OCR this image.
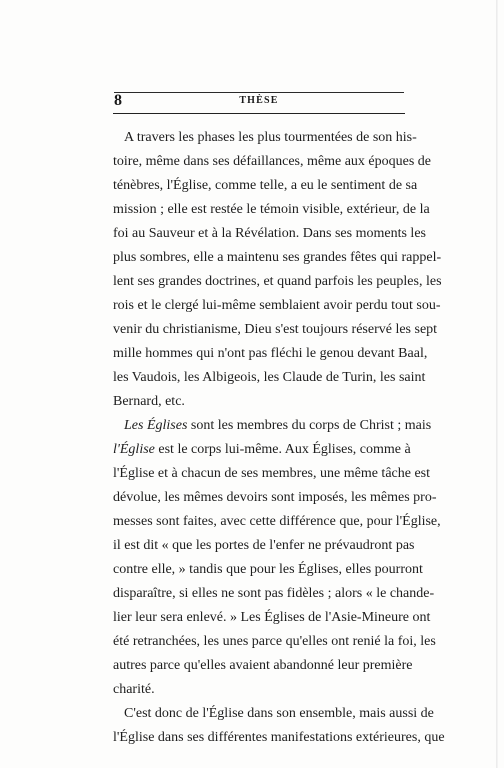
8	THÈSE
A travers les phases les plus tourmentées de son his-
toire, même dans ses défaillances, même aux époques de
ténèbres, l'Église, comme telle, a eu le sentiment de sa
mission ; elle est restée le témoin visible, extérieur, de la
foi au Sauveur et à la Révélation. Dans ses moments les
plus sombres, elle a maintenu ses grandes fêtes qui rappel-
lent ses grandes doctrines, et quand parfois les peuples, les
rois et le clergé lui-même semblaient avoir perdu tout sou-
venir du christianisme, Dieu s'est toujours réservé les sept
mille hommes qui n'ont pas fléchi le genou devant Baal,
les Vaudois, les Albigeois, les Claude de Turin, les saint
Bernard, etc.
Les Églises sont les membres du corps de Christ ; mais
l'Église est le corps lui-même. Aux Églises, comme à
l'Église et à chacun de ses membres, une même tâche est
dévolue, les mêmes devoirs sont imposés, les mêmes pro-
messes sont faites, avec cette différence que, pour l'Église,
il est dit « que les portes de l'enfer ne prévaudront pas
contre elle, » tandis que pour les Églises, elles pourront
disparaître, si elles ne sont pas fidèles ; alors « le chande-
lier leur sera enlevé. » Les Églises de l'Asie-Mineure ont
été retranchées, les unes parce qu'elles ont renié la foi, les
autres parce qu'elles avaient abandonné leur première
charité.
C'est donc de l'Église dans son ensemble, mais aussi de
l'Église dans ses différentes manifestations extérieures, que
